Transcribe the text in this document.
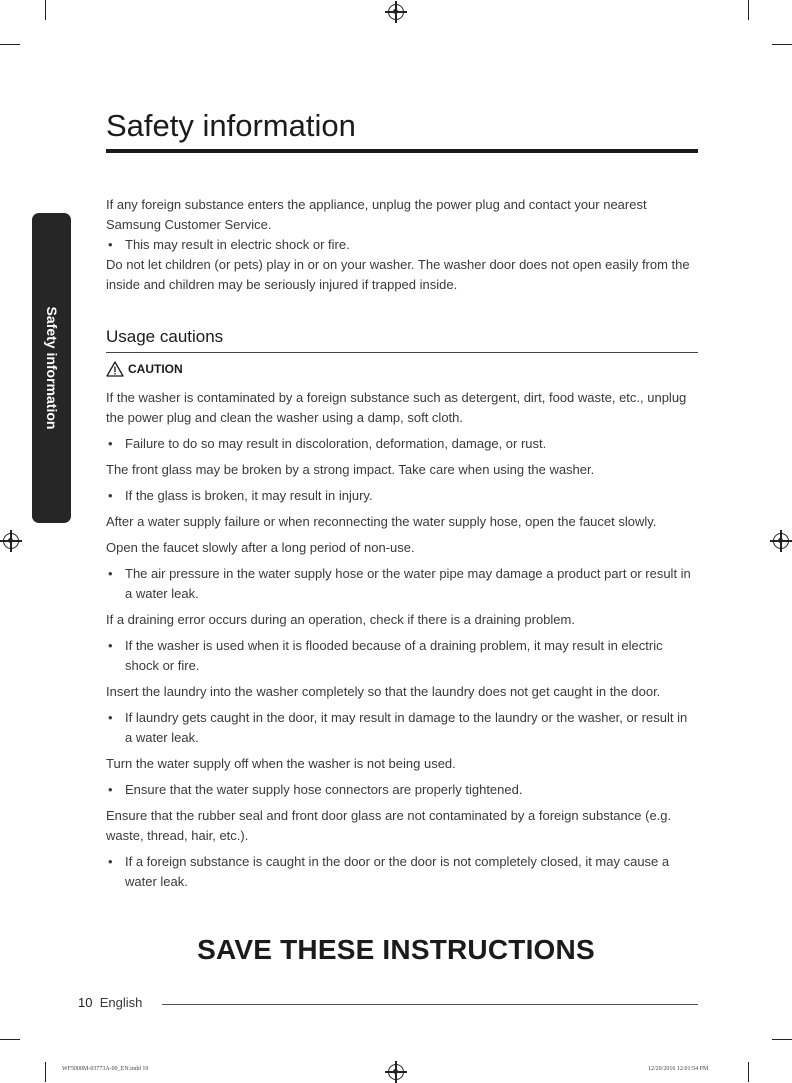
Safety information
Safety information

If any foreign substance enters the appliance, unplug the power plug and contact your nearest Samsung Customer Service.

• This may result in electric shock or fire.

Do not let children (or pets) play in or on your washer. The washer door does not open easily from the inside and children may be seriously injured if trapped inside.

Usage cautions
CAUTION

If the washer is contaminated by a foreign substance such as detergent, dirt, food waste, etc., unplug the power plug and clean the washer using a damp, soft cloth.

• Failure to do so may result in discoloration, deformation, damage, or rust.

The front glass may be broken by a strong impact. Take care when using the washer.

• If the glass is broken, it may result in injury.

After a water supply failure or when reconnecting the water supply hose, open the faucet slowly.

Open the faucet slowly after a long period of non-use.

• The air pressure in the water supply hose or the water pipe may damage a product part or result in a water leak.

If a draining error occurs during an operation, check if there is a draining problem.

• If the washer is used when it is flooded because of a draining problem, it may result in electric shock or fire.

Insert the laundry into the washer completely so that the laundry does not get caught in the door.

• If laundry gets caught in the door, it may result in damage to the laundry or the washer, or result in a water leak.

Turn the water supply off when the washer is not being used.

• Ensure that the water supply hose connectors are properly tightened.

Ensure that the rubber seal and front door glass are not contaminated by a foreign substance (e.g. waste, thread, hair, etc.).

• If a foreign substance is caught in the door or the door is not completely closed, it may cause a water leak.
SAVE THESE INSTRUCTIONS
10 English
WF5000M-03773A-00_EN.indd 10	12/20/2016 12:01:54 PM
